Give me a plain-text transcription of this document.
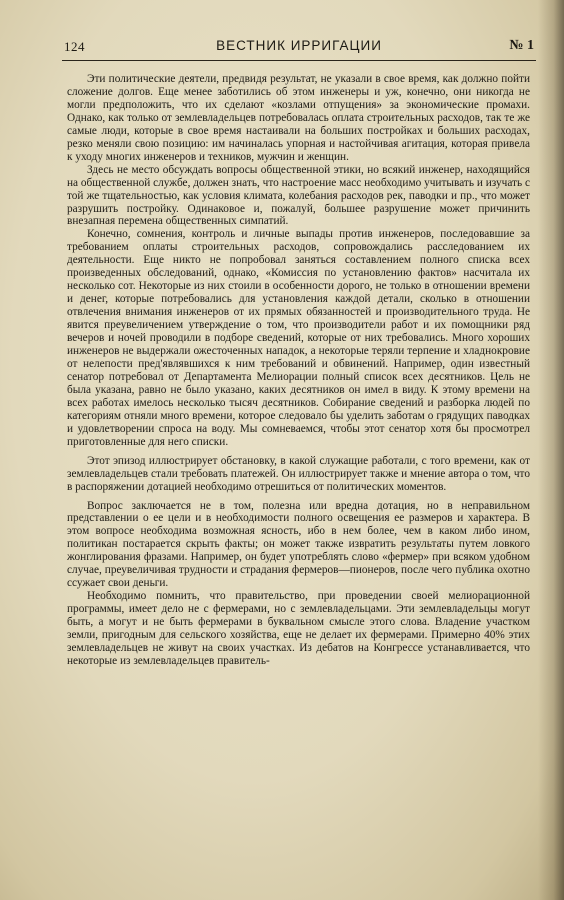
124	ВЕСТНИК ИРРИГАЦИИ	№ 1

Эти политические деятели, предвидя результат, не указали в свое время, как должно пойти сложение долгов. Еще менее заботились об этом инженеры и уж, конечно, они никогда не могли предположить, что их сделают «козлами отпущения» за экономические промахи. Однако, как только от землевладельцев потребовалась оплата строительных расходов, так те же самые люди, которые в свое время настаивали на больших постройках и больших расходах, резко меняли свою позицию: им начиналась упорная и настойчивая агитация, которая привела к уходу многих инженеров и техников, мужчин и женщин.

Здесь не место обсуждать вопросы общественной этики, но всякий инженер, находящийся на общественной службе, должен знать, что настроение масс необходимо учитывать и изучать с той же тщательностью, как условия климата, колебания расходов рек, паводки и пр., что может разрушить постройку. Одинаковое и, пожалуй, большее разрушение может причинить внезапная перемена общественных симпатий.

Конечно, сомнения, контроль и личные выпады против инженеров, последовавшие за требованием оплаты строительных расходов, сопровождались расследованием их деятельности. Еще никто не попробовал заняться составлением полного списка всех произведенных обследований, однако, «Комиссия по установлению фактов» насчитала их несколько сот. Некоторые из них стоили в особенности дорого, не только в отношении времени и денег, которые потребовались для установления каждой детали, сколько в отношении отвлечения внимания инженеров от их прямых обязанностей и производительного труда. Не явится преувеличением утверждение о том, что производители работ и их помощники ряд вечеров и ночей проводили в подборе сведений, которые от них требовались. Много хороших инженеров не выдержали ожесточенных нападок, а некоторые теряли терпение и хладнокровие от нелепости пред'являвшихся к ним требований и обвинений. Например, один известный сенатор потребовал от Департамента Мелиорации полный список всех десятников. Цель не была указана, равно не было указано, каких десятников он имел в виду. К этому времени на всех работах имелось несколько тысяч десятников. Собирание сведений и разборка людей по категориям отняли много времени, которое следовало бы уделить заботам о грядущих паводках и удовлетворении спроса на воду. Мы сомневаемся, чтобы этот сенатор хотя бы просмотрел приготовленные для него списки.

Этот эпизод иллюстрирует обстановку, в какой служащие работали, с того времени, как от землевладельцев стали требовать платежей. Он иллюстрирует также и мнение автора о том, что в распоряжении дотацией необходимо отрешиться от политических моментов.

Вопрос заключается не в том, полезна или вредна дотация, но в неправильном представлении о ее цели и в необходимости полного освещения ее размеров и характера. В этом вопросе необходима возможная ясность, ибо в нем более, чем в каком либо ином, политикан постарается скрыть факты; он может также извратить результаты путем ловкого жонглирования фразами. Например, он будет употреблять слово «фермер» при всяком удобном случае, преувеличивая трудности и страдания фермеров—пионеров, после чего публика охотно ссужает свои деньги.

Необходимо помнить, что правительство, при проведении своей мелиорационной программы, имеет дело не с фермерами, но с землевладельцами. Эти землевладельцы могут быть, а могут и не быть фермерами в буквальном смысле этого слова. Владение участком земли, пригодным для сельского хозяйства, еще не делает их фермерами. Примерно 40% этих землевладельцев не живут на своих участках. Из дебатов на Конгрессе устанавливается, что некоторые из землевладельцев правитель-
